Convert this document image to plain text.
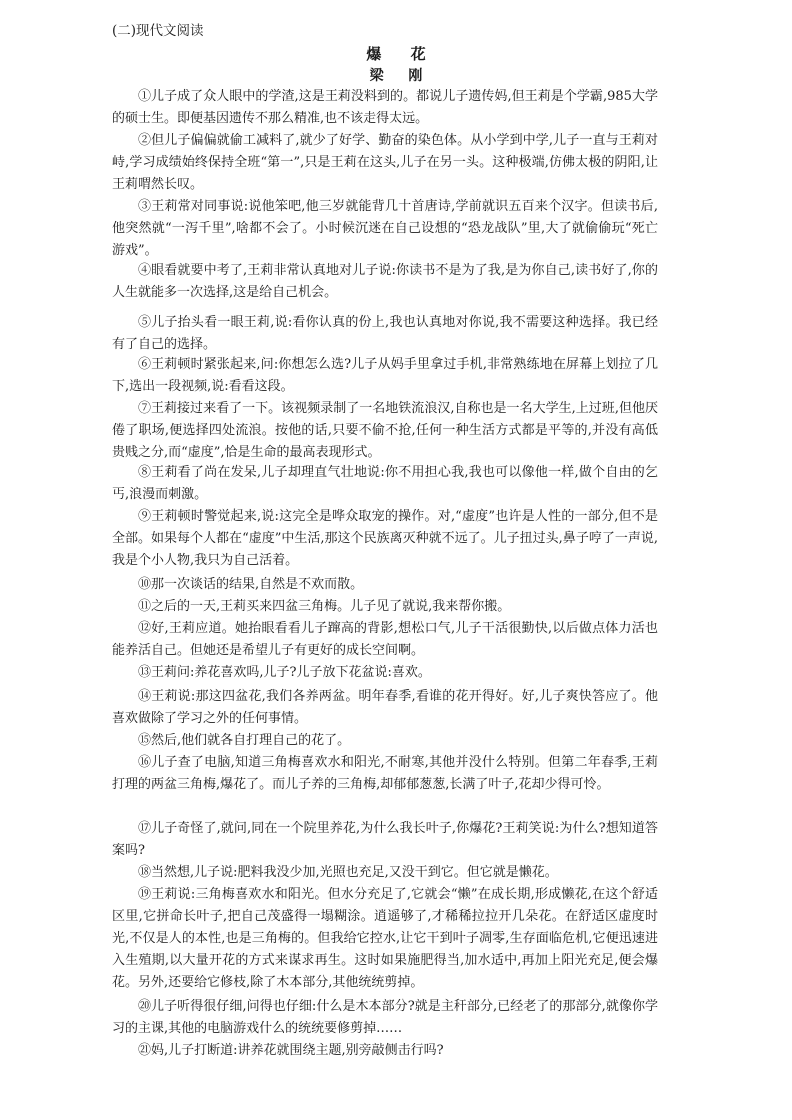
(二)现代文阅读
爆 花
梁 刚
①儿子成了众人眼中的学渣,这是王莉没料到的。都说儿子遗传妈,但王莉是个学霸,985大学的硕士生。即便基因遗传不那么精准,也不该走得太远。
②但儿子偏偏就偷工减料了,就少了好学、勤奋的染色体。从小学到中学,儿子一直与王莉对峙,学习成绩始终保持全班“第一”,只是王莉在这头,儿子在另一头。这种极端,仿佛太极的阴阳,让王莉喟然长叹。
③王莉常对同事说:说他笨吧,他三岁就能背几十首唐诗,学前就识五百来个汉字。但读书后,他突然就“一泻千里”,啥都不会了。小时候沉迷在自己设想的“恐龙战队”里,大了就偷偷玩“死亡游戏”。
④眼看就要中考了,王莉非常认真地对儿子说:你读书不是为了我,是为你自己,读书好了,你的人生就能多一次选择,这是给自己机会。
⑤儿子抬头看一眼王莉,说:看你认真的份上,我也认真地对你说,我不需要这种选择。我已经有了自己的选择。
⑥王莉顿时紧张起来,问:你想怎么选?儿子从妈手里拿过手机,非常熟练地在屏幕上划拉了几下,选出一段视频,说:看看这段。
⑦王莉接过来看了一下。该视频录制了一名地铁流浪汉,自称也是一名大学生,上过班,但他厌倦了职场,便选择四处流浪。按他的话,只要不偷不抢,任何一种生活方式都是平等的,并没有高低贵贱之分,而“虚度”,恰是生命的最高表现形式。
⑧王莉看了尚在发呆,儿子却理直气壮地说:你不用担心我,我也可以像他一样,做个自由的乞丐,浪漫而刺激。
⑨王莉顿时警觉起来,说:这完全是哗众取宠的操作。对,“虚度”也许是人性的一部分,但不是全部。如果每个人都在“虚度”中生活,那这个民族离灭种就不远了。儿子扭过头,鼻子哼了一声说,我是个小人物,我只为自己活着。
⑩那一次谈话的结果,自然是不欢而散。
⑪之后的一天,王莉买来四盆三角梅。儿子见了就说,我来帮你搬。
⑫好,王莉应道。她抬眼看看儿子蹿高的背影,想松口气,儿子干活很勤快,以后做点体力活也能养活自己。但她还是希望儿子有更好的成长空间啊。
⑬王莉问:养花喜欢吗,儿子?儿子放下花盆说:喜欢。
⑭王莉说:那这四盆花,我们各养两盆。明年春季,看谁的花开得好。好,儿子爽快答应了。他喜欢做除了学习之外的任何事情。
⑮然后,他们就各自打理自己的花了。
⑯儿子查了电脑,知道三角梅喜欢水和阳光,不耐寒,其他并没什么特别。但第二年春季,王莉打理的两盆三角梅,爆花了。而儿子养的三角梅,却郁郁葱葱,长满了叶子,花却少得可怜。
⑰儿子奇怪了,就问,同在一个院里养花,为什么我长叶子,你爆花?王莉笑说:为什么?想知道答案吗?
⑱当然想,儿子说:肥料我没少加,光照也充足,又没干到它。但它就是懒花。
⑲王莉说:三角梅喜欢水和阳光。但水分充足了,它就会“懒”在成长期,形成懒花,在这个舒适区里,它拼命长叶子,把自己茂盛得一塌糊涂。逍遥够了,才稀稀拉拉开几朵花。在舒适区虚度时光,不仅是人的本性,也是三角梅的。但我给它控水,让它干到叶子凋零,生存面临危机,它便迅速进入生殖期,以大量开花的方式来谋求再生。这时如果施肥得当,加水适中,再加上阳光充足,便会爆花。另外,还要给它修枝,除了木本部分,其他统统剪掉。
⑳儿子听得很仔细,问得也仔细:什么是木本部分?就是主秆部分,已经老了的那部分,就像你学习的主课,其他的电脑游戏什么的统统要修剪掉……
㉑妈,儿子打断道:讲养花就围绕主题,别旁敲侧击行吗?
